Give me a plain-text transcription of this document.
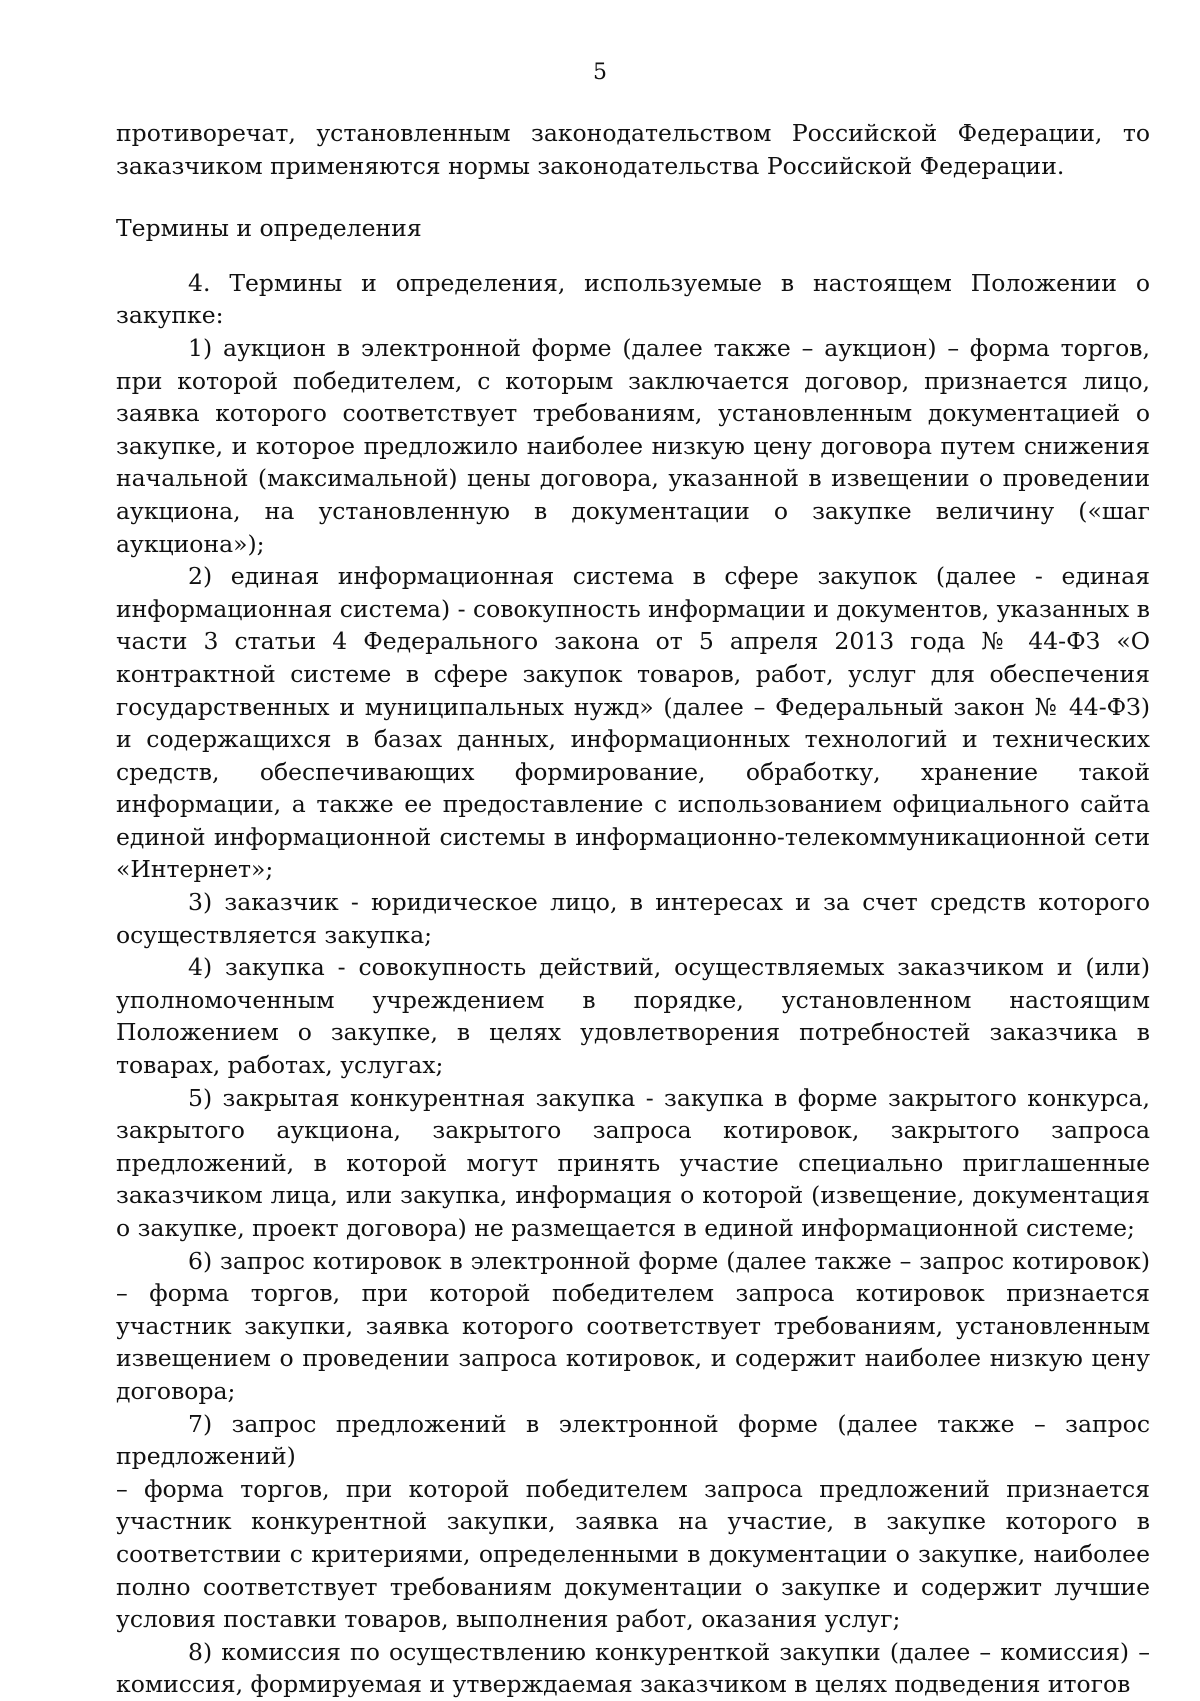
5

противоречат, установленным законодательством Российской Федерации, то заказчиком применяются нормы законодательства Российской Федерации.

Термины и определения

4. Термины и определения, используемые в настоящем Положении о закупке:

1) аукцион в электронной форме (далее также – аукцион) – форма торгов, при которой победителем, с которым заключается договор, признается лицо, заявка которого соответствует требованиям, установленным документацией о закупке, и которое предложило наиболее низкую цену договора путем снижения начальной (максимальной) цены договора, указанной в извещении о проведении аукциона, на установленную в документации о закупке величину («шаг аукциона»);

2) единая информационная система в сфере закупок (далее - единая информационная система) - совокупность информации и документов, указанных в части 3 статьи 4 Федерального закона от 5 апреля 2013 года № 44-ФЗ «О контрактной системе в сфере закупок товаров, работ, услуг для обеспечения государственных и муниципальных нужд» (далее – Федеральный закон № 44-ФЗ) и содержащихся в базах данных, информационных технологий и технических средств, обеспечивающих формирование, обработку, хранение такой информации, а также ее предоставление с использованием официального сайта единой информационной системы в информационно-телекоммуникационной сети «Интернет»;

3) заказчик - юридическое лицо, в интересах и за счет средств которого осуществляется закупка;

4) закупка - совокупность действий, осуществляемых заказчиком и (или) уполномоченным учреждением в порядке, установленном настоящим Положением о закупке, в целях удовлетворения потребностей заказчика в товарах, работах, услугах;

5) закрытая конкурентная закупка - закупка в форме закрытого конкурса, закрытого аукциона, закрытого запроса котировок, закрытого запроса предложений, в которой могут принять участие специально приглашенные заказчиком лица, или закупка, информация о которой (извещение, документация о закупке, проект договора) не размещается в единой информационной системе;

6) запрос котировок в электронной форме (далее также – запрос котировок) – форма торгов, при которой победителем запроса котировок признается участник закупки, заявка которого соответствует требованиям, установленным извещением о проведении запроса котировок, и содержит наиболее низкую цену договора;

7) запрос предложений в электронной форме (далее также – запрос предложений)

– форма торгов, при которой победителем запроса предложений признается участник конкурентной закупки, заявка на участие, в закупке которого в соответствии с критериями, определенными в документации о закупке, наиболее полно соответствует требованиям документации о закупке и содержит лучшие условия поставки товаров, выполнения работ, оказания услуг;

8) комиссия по осуществлению конкуренткой закупки (далее – комиссия) – комиссия, формируемая и утверждаемая заказчиком в целях подведения итогов
